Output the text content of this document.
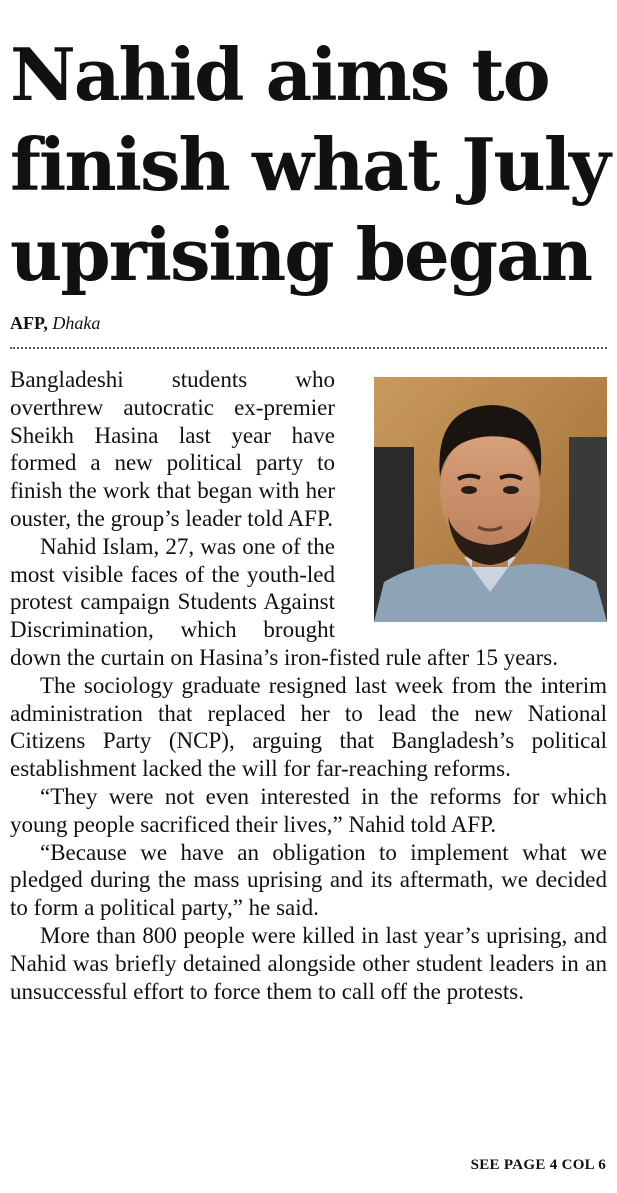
Nahid aims to finish what July uprising began
AFP, Dhaka

Bangladeshi students who overthrew autocratic ex-premier Sheikh Hasina last year have formed a new political party to finish the work that began with her ouster, the group’s leader told AFP.

Nahid Islam, 27, was one of the most visible faces of the youth-led protest campaign Students Against Discrimination, which brought down the curtain on Hasina’s iron-fisted rule after 15 years.

The sociology graduate resigned last week from the interim administration that replaced her to lead the new National Citizens Party (NCP), arguing that Bangladesh’s political establishment lacked the will for far-reaching reforms.

“They were not even interested in the reforms for which young people sacrificed their lives,” Nahid told AFP.

“Because we have an obligation to implement what we pledged during the mass uprising and its aftermath, we decided to form a political party,” he said.

More than 800 people were killed in last year’s uprising, and Nahid was briefly detained alongside other student leaders in an unsuccessful effort to force them to call off the protests.

SEE PAGE 4 COL 6
